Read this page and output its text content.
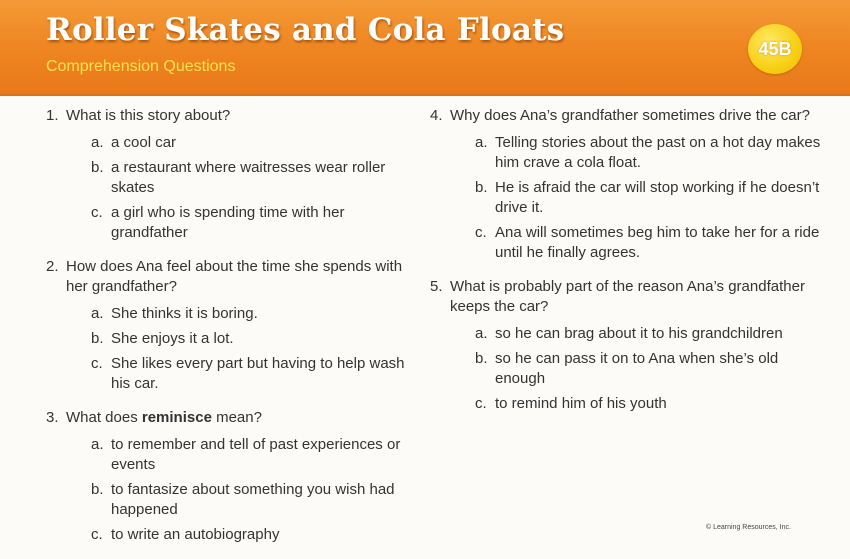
Roller Skates and Cola Floats
Comprehension Questions
45B
1. What is this story about?
a. a cool car
b. a restaurant where waitresses wear roller skates
c. a girl who is spending time with her grandfather
2. How does Ana feel about the time she spends with her grandfather?
a. She thinks it is boring.
b. She enjoys it a lot.
c. She likes every part but having to help wash his car.
3. What does reminisce mean?
a. to remember and tell of past experiences or events
b. to fantasize about something you wish had happened
c. to write an autobiography
4. Why does Ana’s grandfather sometimes drive the car?
a. Telling stories about the past on a hot day makes him crave a cola float.
b. He is afraid the car will stop working if he doesn’t drive it.
c. Ana will sometimes beg him to take her for a ride until he finally agrees.
5. What is probably part of the reason Ana’s grandfather keeps the car?
a. so he can brag about it to his grandchildren
b. so he can pass it on to Ana when she’s old enough
c. to remind him of his youth
© Learning Resources, Inc.
